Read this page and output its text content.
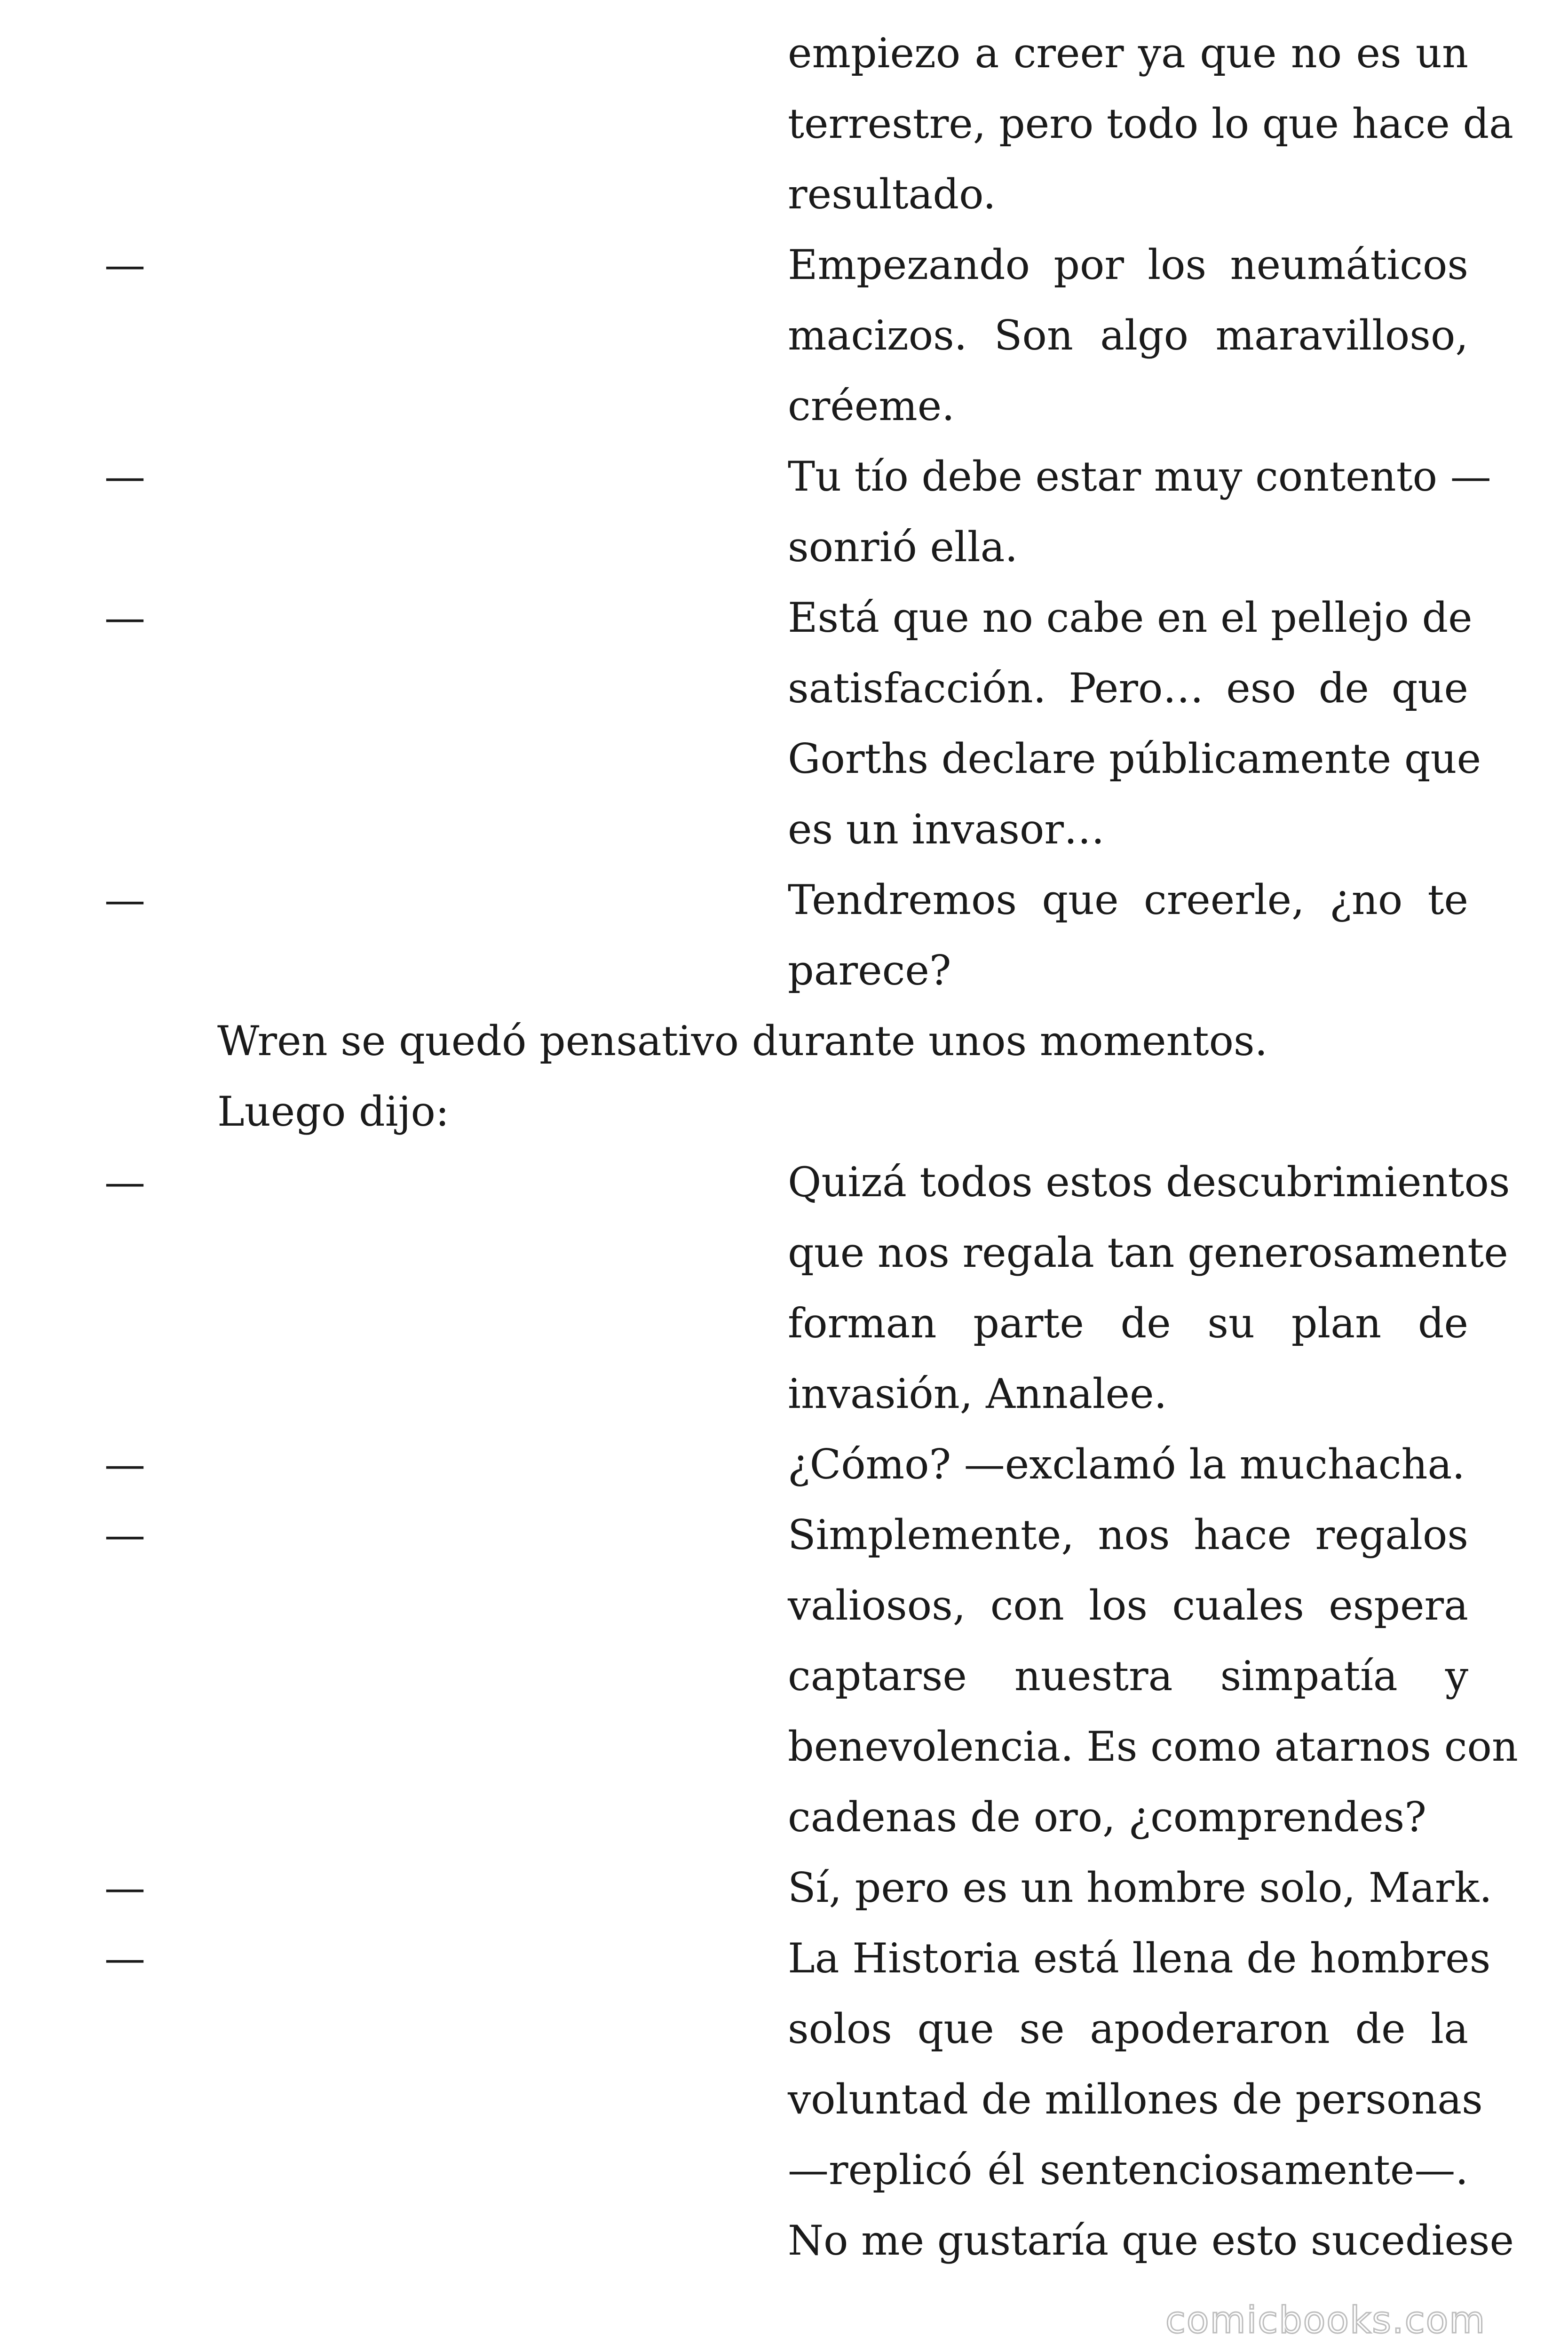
—
—
—
—
—
—
—
—
—
empiezo a creer ya que no es un
terrestre, pero todo lo que hace da
resultado.
Empezando por los neumáticos
macizos. Son algo maravilloso,
créeme.
Tu tío debe estar muy contento —
sonrió ella.
Está que no cabe en el pellejo de
satisfacción. Pero… eso de que
Gorths declare públicamente que
es un invasor…
Tendremos que creerle, ¿no te
parece?
Wren se quedó pensativo durante unos momentos.
Luego dijo:
Quizá todos estos descubrimientos
que nos regala tan generosamente
forman parte de su plan de
invasión, Annalee.
¿Cómo? —exclamó la muchacha.
Simplemente, nos hace regalos
valiosos, con los cuales espera
captarse nuestra simpatía y
benevolencia. Es como atarnos con
cadenas de oro, ¿comprendes?
Sí, pero es un hombre solo, Mark.
La Historia está llena de hombres
solos que se apoderaron de la
voluntad de millones de personas
—replicó él sentenciosamente—.
No me gustaría que esto sucediese
comicbooks.com
